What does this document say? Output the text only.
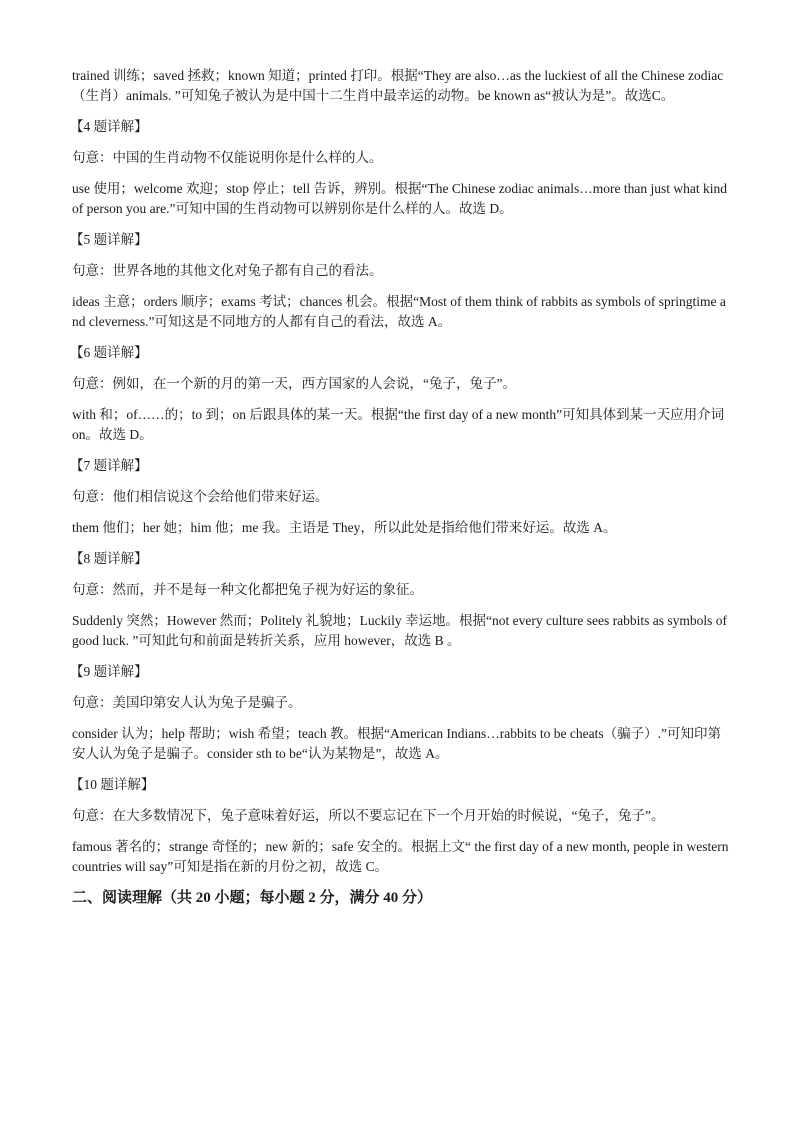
trained 训练；saved 拯救；known 知道；printed 打印。根据“They are also…as the luckiest of all the Chinese zodiac（生肖）animals. ”可知兔子被认为是中国十二生肖中最幸运的动物。be known as“被认为是”。故选C。
【4 题详解】
句意：中国的生肖动物不仅能说明你是什么样的人。
use 使用；welcome 欢迎；stop 停止；tell 告诉，辨别。根据“The Chinese zodiac animals…more than just what kind of person you are.”可知中国的生肖动物可以辨别你是什么样的人。故选 D。
【5 题详解】
句意：世界各地的其他文化对兔子都有自己的看法。
ideas 主意；orders 顺序；exams 考试；chances 机会。根据“Most of them think of rabbits as symbols of springtime and cleverness.”可知这是不同地方的人都有自己的看法，故选 A。
【6 题详解】
句意：例如，在一个新的月的第一天，西方国家的人会说，“兔子，兔子”。
with 和；of……的；to 到；on 后跟具体的某一天。根据“the first day of a new month”可知具体到某一天应用介词 on。故选 D。
【7 题详解】
句意：他们相信说这个会给他们带来好运。
them 他们；her 她；him 他；me 我。主语是 They，所以此处是指给他们带来好运。故选 A。
【8 题详解】
句意：然而，并不是每一种文化都把兔子视为好运的象征。
Suddenly 突然；However 然而；Politely 礼貌地；Luckily 幸运地。根据“not every culture sees rabbits as symbols of good luck. ”可知此句和前面是转折关系，应用 however，故选 B 。
【9 题详解】
句意：美国印第安人认为兔子是骗子。
consider 认为；help 帮助；wish 希望；teach 教。根据“American Indians…rabbits to be cheats（骗子）.”可知印第安人认为兔子是骗子。consider sth to be“认为某物是”，故选 A。
【10 题详解】
句意：在大多数情况下，兔子意味着好运，所以不要忘记在下一个月开始的时候说，“兔子，兔子”。
famous 著名的；strange 奇怪的；new 新的；safe 安全的。根据上文“ the first day of a new month, people in western countries will say”可知是指在新的月份之初，故选 C。
二、阅读理解（共 20 小题；每小题 2 分，满分 40 分）
